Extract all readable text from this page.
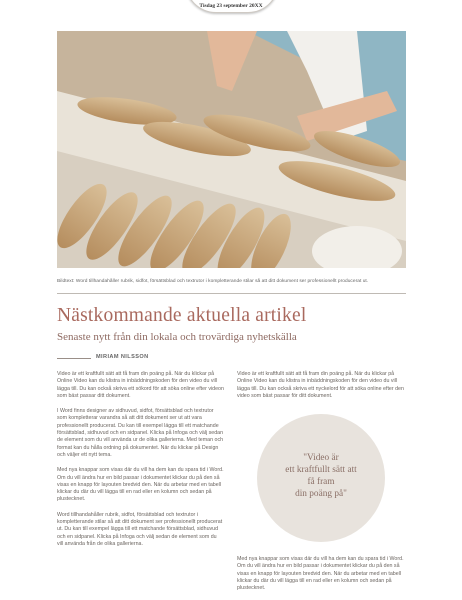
Tisdag 23 september 20XX
Bildtext: Word tillhandahåller rubrik, sidfot, försättsblad och textrutor i kompletterande stilar så att ditt dokument ser professionellt producerat ut.
Nästkommande aktuella artikel
Senaste nytt från din lokala och trovärdiga nyhetskälla
MIRIAM NILSSON

Video är ett kraftfullt sätt att få fram din poäng på. När du klickar på Online Video kan du klistra in inbäddningskoden för den video du vill lägga till. Du kan också skriva ett sökord för att söka online efter videon som bäst passar ditt dokument.

I Word finns designer av sidhuvud, sidfot, försättsblad och textrutor som kompletterar varandra så att ditt dokument ser ut att vara professionellt producerat. Du kan till exempel lägga till ett matchande försättsblad, sidhuvud och en sidpanel. Klicka på Infoga och välj sedan de element som du vill använda ur de olika gallerierna. Med teman och format kan du hålla ordning på dokumentet. När du klickar på Design och väljer ett nytt tema.

Med nya knappar som visas där du vill ha dem kan du spara tid i Word. Om du vill ändra hur en bild passar i dokumentet klickar du på den så visas en knapp för layouten bredvid den. När du arbetar med en tabell klickar du där du vill lägga till en rad eller en kolumn och sedan på plustecknet.

Word tillhandahåller rubrik, sidfot, försättsblad och textrutor i kompletterande stilar så att ditt dokument ser professionellt producerat ut. Du kan till exempel lägga till ett matchande försättsblad, sidhuvud och en sidpanel. Klicka på Infoga och välj sedan de element som du vill använda från de olika gallerierna.

Video är ett kraftfullt sätt att få fram din poäng på. När du klickar på Online Video kan du klistra in inbäddningskoden för den video du vill lägga till. Du kan också skriva ett nyckelord för att söka online efter den video som bäst passar för ditt dokument.

"Video är
ett kraftfullt sätt att
få fram
din poäng på"

Med nya knappar som visas där du vill ha dem kan du spara tid i Word. Om du vill ändra hur en bild passar i dokumentet klickar du på den så visas en knapp för layouten bredvid den. När du arbetar med en tabell klickar du där du vill lägga till en rad eller en kolumn och sedan på plustecknet.
